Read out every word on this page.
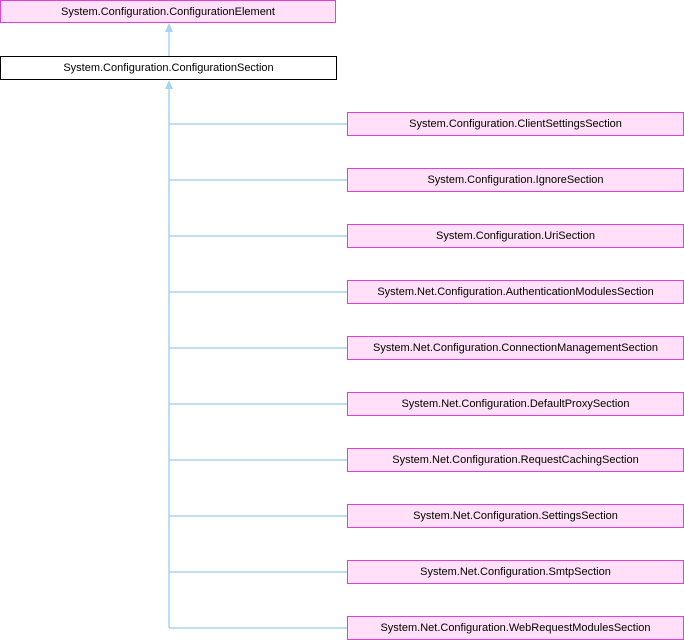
System.Configuration.ConfigurationElement
System.Configuration.ConfigurationSection
System.Configuration.ClientSettingsSection
System.Configuration.IgnoreSection
System.Configuration.UriSection
System.Net.Configuration.AuthenticationModulesSection
System.Net.Configuration.ConnectionManagementSection
System.Net.Configuration.DefaultProxySection
System.Net.Configuration.RequestCachingSection
System.Net.Configuration.SettingsSection
System.Net.Configuration.SmtpSection
System.Net.Configuration.WebRequestModulesSection
